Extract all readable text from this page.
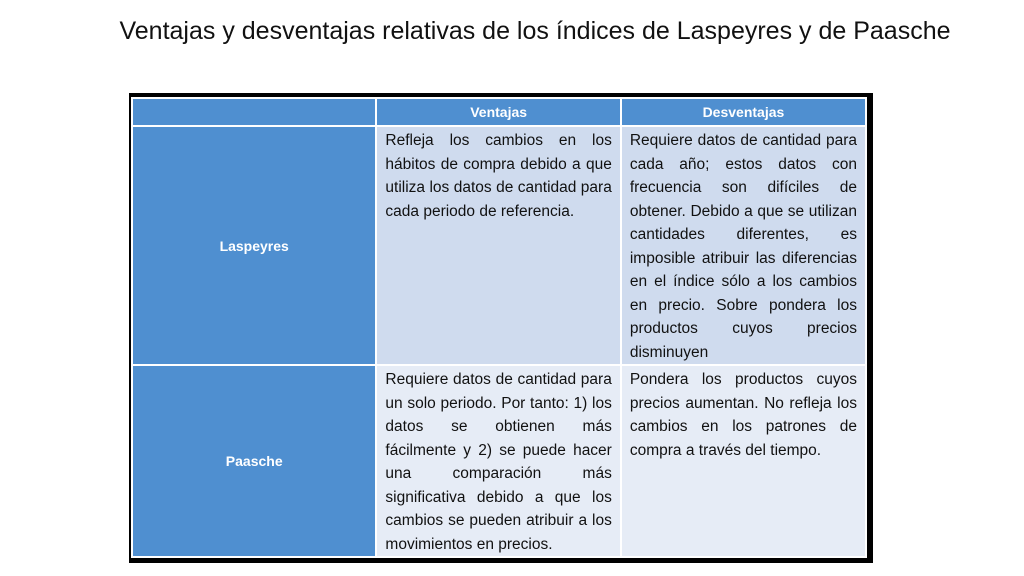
Ventajas y desventajas relativas de los índices de Laspeyres y de Paasche
	Ventajas	Desventajas
Laspeyres	Refleja los cambios en los hábitos de compra debido a que utiliza los datos de cantidad para cada periodo de referencia.	Requiere datos de cantidad para cada año; estos datos con frecuencia son difíciles de obtener. Debido a que se utilizan cantidades diferentes, es imposible atribuir las diferencias en el índice sólo a los cambios en precio. Sobre pondera los productos cuyos precios disminuyen
Paasche	Requiere datos de cantidad para un solo periodo. Por tanto: 1) los datos se obtienen más fácilmente y 2) se puede hacer una comparación más significativa debido a que los cambios se pueden atribuir a los movimientos en precios.	Pondera los productos cuyos precios aumentan. No refleja los cambios en los patrones de compra a través del tiempo.
